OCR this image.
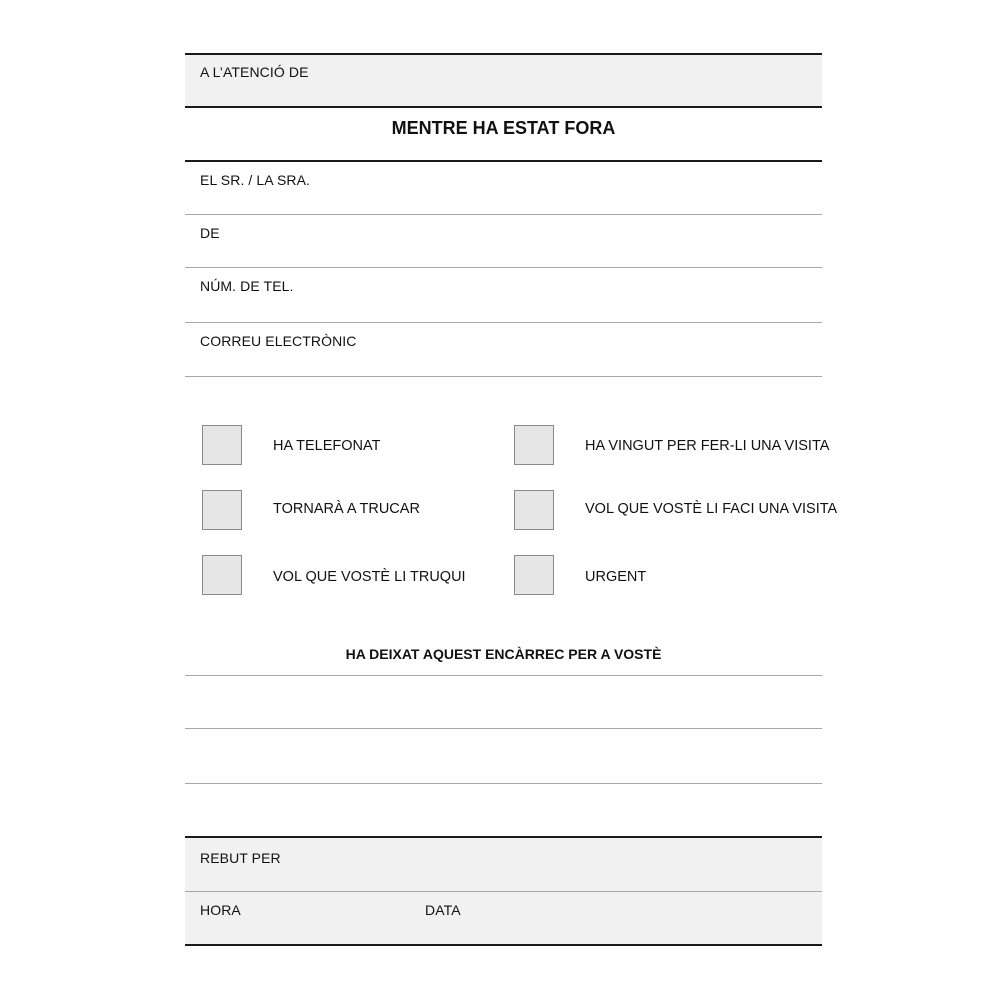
A L’ATENCIÓ DE
MENTRE HA ESTAT FORA
EL SR. / LA SRA.
DE
NÚM. DE TEL.
CORREU ELECTRÒNIC
HA TELEFONAT
TORNARÀ A TRUCAR
VOL QUE VOSTÈ LI TRUQUI
HA VINGUT PER FER-LI UNA VISITA
VOL QUE VOSTÈ LI FACI UNA VISITA
URGENT
HA DEIXAT AQUEST ENCÀRREC PER A VOSTÈ
REBUT PER
HORA	DATA
